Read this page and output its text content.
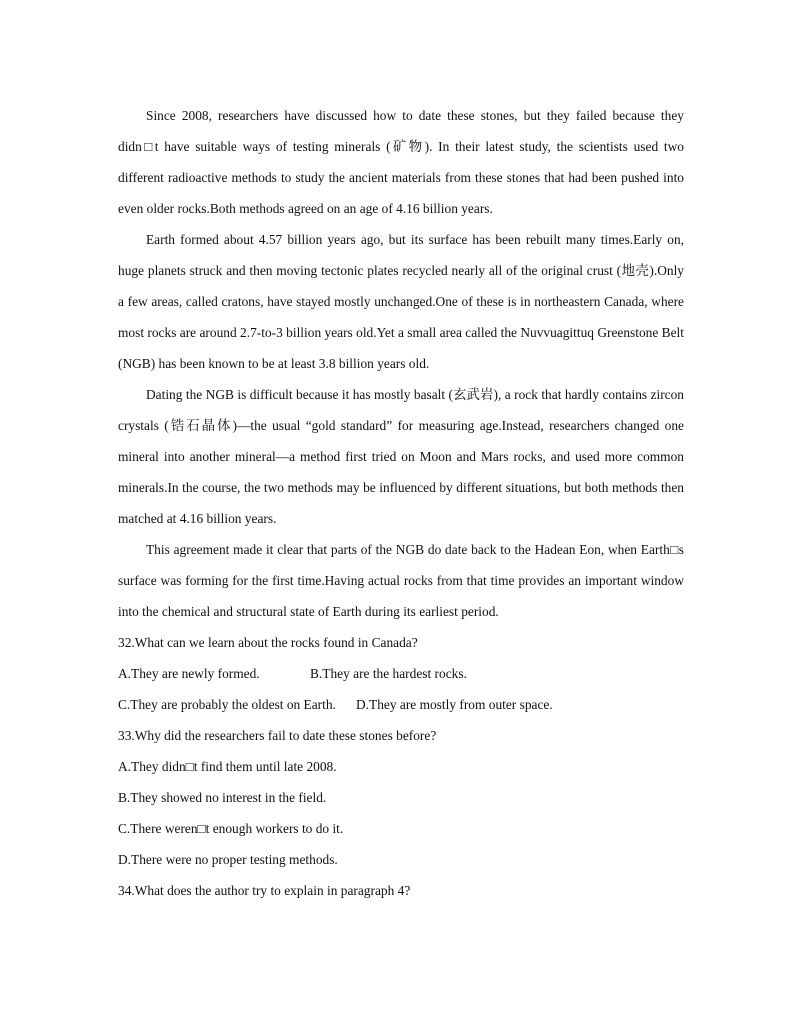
Since 2008, researchers have discussed how to date these stones, but they failed because they didn□t have suitable ways of testing minerals (矿物). In their latest study, the scientists used two different radioactive methods to study the ancient materials from these stones that had been pushed into even older rocks.Both methods agreed on an age of 4.16 billion years.

Earth formed about 4.57 billion years ago, but its surface has been rebuilt many times.Early on, huge planets struck and then moving tectonic plates recycled nearly all of the original crust (地壳).Only a few areas, called cratons, have stayed mostly unchanged.One of these is in northeastern Canada, where most rocks are around 2.7-to-3 billion years old.Yet a small area called the Nuvvuagittuq Greenstone Belt (NGB) has been known to be at least 3.8 billion years old.

Dating the NGB is difficult because it has mostly basalt (玄武岩), a rock that hardly contains zircon crystals (锆石晶体)—the usual “gold standard” for measuring age.Instead, researchers changed one mineral into another mineral—a method first tried on Moon and Mars rocks, and used more common minerals.In the course, the two methods may be influenced by different situations, but both methods then matched at 4.16 billion years.

This agreement made it clear that parts of the NGB do date back to the Hadean Eon, when Earth□s surface was forming for the first time.Having actual rocks from that time provides an important window into the chemical and structural state of Earth during its earliest period.

32.What can we learn about the rocks found in Canada?

A.They are newly formed.	B.They are the hardest rocks.

C.They are probably the oldest on Earth. D.They are mostly from outer space.

33.Why did the researchers fail to date these stones before?

A.They didn□t find them until late 2008.

B.They showed no interest in the field.

C.There weren□t enough workers to do it.

D.There were no proper testing methods.

34.What does the author try to explain in paragraph 4?
